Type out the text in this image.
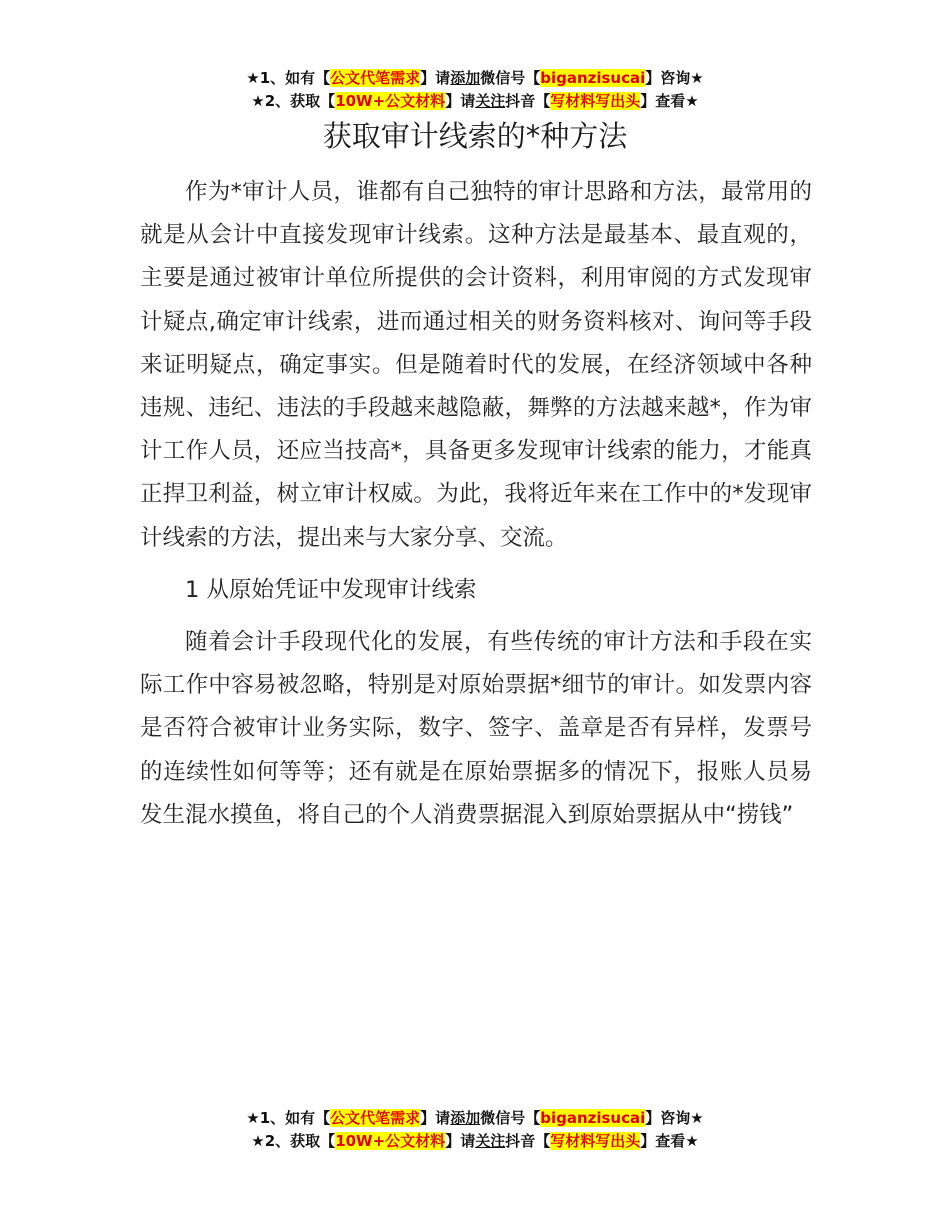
★1、如有【公文代笔需求】请添加微信号【biganzisucai】咨询★
★2、获取【10W+公文材料】请关注抖音【写材料写出头】查看★
获取审计线索的*种方法

作为*审计人员，谁都有自己独特的审计思路和方法，最常用的就是从会计中直接发现审计线索。这种方法是最基本、最直观的，主要是通过被审计单位所提供的会计资料，利用审阅的方式发现审计疑点,确定审计线索，进而通过相关的财务资料核对、询问等手段来证明疑点，确定事实。但是随着时代的发展，在经济领域中各种违规、违纪、违法的手段越来越隐蔽，舞弊的方法越来越*，作为审计工作人员，还应当技高*，具备更多发现审计线索的能力，才能真正捍卫利益，树立审计权威。为此，我将近年来在工作中的*发现审计线索的方法，提出来与大家分享、交流。

1 从原始凭证中发现审计线索

随着会计手段现代化的发展，有些传统的审计方法和手段在实际工作中容易被忽略，特别是对原始票据*细节的审计。如发票内容是否符合被审计业务实际，数字、签字、盖章是否有异样，发票号的连续性如何等等；还有就是在原始票据多的情况下，报账人员易发生混水摸鱼，将自己的个人消费票据混入到原始票据从中“捞钱”

★1、如有【公文代笔需求】请添加微信号【biganzisucai】咨询★
★2、获取【10W+公文材料】请关注抖音【写材料写出头】查看★
